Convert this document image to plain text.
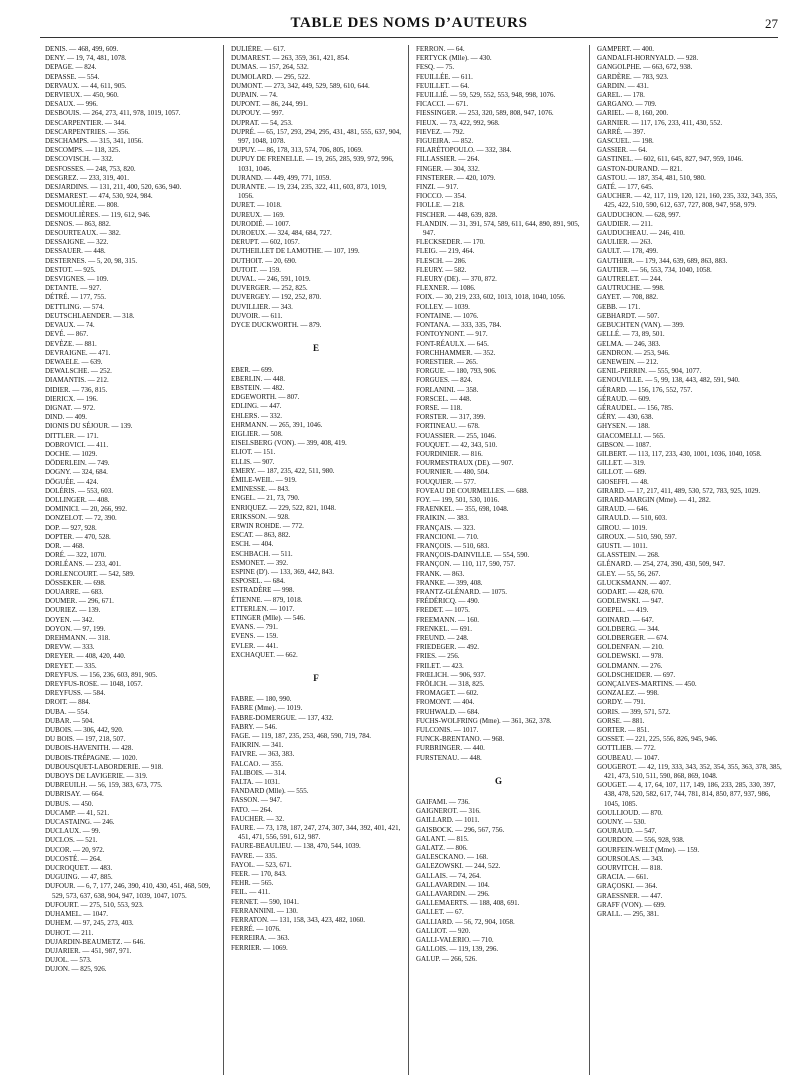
TABLE DES NOMS D’AUTEURS	27
DENIS. — 468, 499, 609.
DENY. — 19, 74, 481, 1078.
DEPAGE. — 824.
DEPASSE. — 554.
DERVAUX. — 44, 611, 905.
DERVIEUX. — 450, 960.
DESAUX. — 996.
DESBOUIS. — 264, 273, 411, 978, 1019, 1057.
DESCARPENTIER. — 344.
DESCARPENTRIES. — 356.
DESCHAMPS. — 315, 341, 1056.
DESCOMPS. — 118, 325.
DESCOVISCH. — 332.
DESFOSSES. — 248, 753, 820.
DESGREZ. — 233, 319, 401.
DESJARDINS. — 131, 211, 400, 520, 636, 940.
DESMAREST. — 474, 530, 924, 984.
DESMOULIÈRE. — 808.
DESMOULIÈRES. — 119, 612, 946.
DESNOS. — 863, 882.
DESOURTEAUX. — 382.
DESSAIGNE. — 322.
DESSAUER. — 448.
DESTERNES. — 5, 20, 98, 315.
DESTOT. — 925.
DESVIGNES. — 109.
DETANTE. — 927.
DÉTRÉ. — 177, 755.
DETTLING. — 574.
DEUTSCHLAENDER. — 318.
DEVAUX. — 74.
DEVÉ. — 867.
DEVÈZE. — 881.
DEVRAIGNE. — 471.
DEWAELE. — 639.
DEWALSCHE. — 252.
DIAMANTIS. — 212.
DIDIER. — 736, 815.
DIERICX. — 196.
DIGNAT. — 972.
DIND. — 409.
DIONIS DU SÉJOUR. — 139.
DITTLER. — 171.
DOBROVICI. — 411.
DOCHE. — 1029.
DÖDERLEIN. — 749.
DOGNY. — 324, 684.
DÖGUÉE. — 424.
DOLÉRIS. — 553, 603.
DOLLINGER. — 408.
DOMINICI. — 20, 266, 992.
DONZELOT. — 72, 390.
DOP. — 927, 928.
DOPTER. — 470, 528.
DOR. — 468.
DORÉ. — 322, 1070.
DORLÉANS. — 233, 401.
DORLENCOURT. — 542, 589.
DÖSSEKER. — 698.
DOUARRE. — 683.
DOUMER. — 296, 671.
DOURIEZ. — 139.
DOYEN. — 342.
DOYON. — 97, 199.
DREHMANN. — 318.
DREVW. — 333.
DREYER. — 408, 420, 440.
DREYET. — 335.
DREYFUS. — 156, 236, 603, 891, 905.
DREYFUS-ROSE. — 1048, 1057.
DREYFUSS. — 584.
DROIT. — 884.
DUBA. — 554.
DUBAR. — 504.
DUBOIS. — 306, 442, 920.
DU BOIS. — 197, 218, 507.
DUBOIS-HAVENITH. — 428.
DUBOIS-TRÉPAGNE. — 1020.
DUBOUSQUET-LABORDERIE. — 918.
DUBOYS DE LAVIGERIE. — 319.
DUBREUILH. — 56, 159, 383, 673, 775.
DUBRISAY. — 664.
DUBUS. — 450.
DUCAMP. — 41, 521.
DUCASTAING. — 246.
DUCLAUX. — 99.
DUCLOS. — 521.
DUCOR. — 20, 972.
DUCOSTÉ. — 264.
DUCROQUET. — 483.
DUGUING. — 47, 885.
DUFOUR. — 6, 7, 177, 246, 390, 410, 430, 451, 468, 509, 529, 573, 637, 638, 904, 947, 1039, 1047, 1075.
DUFOURT. — 275, 510, 553, 923.
DUHAMEL. — 1047.
DUHEM. — 97, 245, 273, 403.
DUHOT. — 211.
DUJARDIN-BEAUMETZ. — 646.
DUJARIER. — 451, 987, 971.
DUJOL. — 573.
DUJON. — 825, 926.
DULIÈRE. — 617.
DUMAREST. — 263, 359, 361, 421, 854.
DUMAS. — 157, 264, 532.
DUMOLARD. — 295, 522.
DUMONT. — 273, 342, 449, 529, 589, 610, 644.
DUPAIN. — 74.
DUPONT. — 86, 244, 991.
DUPOUY. — 997.
DUPRAT. — 54, 253.
DUPRÉ. — 65, 157, 293, 294, 295, 431, 481, 555, 637, 904, 997, 1048, 1078.
DUPUY. — 86, 178, 313, 574, 706, 805, 1069.
DUPUY DE FRENELLE. — 19, 265, 285, 939, 972, 996, 1031, 1046.
DURAND. — 449, 499, 771, 1059.
DURANTE. — 19, 234, 235, 322, 411, 603, 873, 1019, 1056.
DURET. — 1018.
DUREUX. — 169.
DURODIÉ. — 1007.
DUROEUX. — 324, 484, 684, 727.
DERUPT. — 602, 1057.
DUTHEILLET DE LAMOTHE. — 107, 199.
DUTHOIT. — 20, 690.
DUTOIT. — 159.
DUVAL. — 246, 591, 1019.
DUVERGER. — 252, 825.
DUVERGEY. — 192, 252, 870.
DUVILLIER. — 343.
DUVOIR. — 611.
DYCE DUCKWORTH. — 879.
E
EBER. — 699.
EBERLIN. — 448.
EBSTEIN. — 482.
EDGEWORTH. — 807.
EDLING. — 447.
EHLERS. — 332.
EHRMANN. — 265, 391, 1046.
EIGLIER. — 508.
EISELSBERG (VON). — 399, 408, 419.
ELIOT. — 151.
ELLIS. — 907.
EMERY. — 187, 235, 422, 511, 980.
ÉMILE-WEIL. — 919.
EMINESSE. — 843.
ENGEL. — 21, 73, 790.
ENRIQUEZ. — 229, 522, 821, 1048.
ERIKSSON. — 928.
ERWIN ROHDE. — 772.
ESCAT. — 863, 882.
ESCH. — 404.
ESCHBACH. — 511.
ESMONET. — 392.
ESPINE (D'). — 133, 369, 442, 843.
ESPOSEL. — 684.
ESTRADÈRE — 998.
ÉTIENNE. — 879, 1018.
ETTERLEN. — 1017.
ETINGER (Mlle). — 546.
EVANS. — 791.
EVENS. — 159.
EVLER. — 441.
EXCHAQUET. — 662.
F
FABRE. — 180, 990.
FABRE (Mme). — 1019.
FABRE-DOMERGUE. — 137, 432.
FABRY. — 546.
FAGE. — 119, 187, 235, 253, 468, 590, 719, 784.
FAIKRIN. — 341.
FAIVRE. — 363, 383.
FALCAO. — 355.
FALIBOIS. — 314.
FALTA. — 1031.
FANDARD (Mlle). — 555.
FASSON. — 947.
FATO. — 264.
FAUCHER. — 32.
FAURE. — 73, 178, 187, 247, 274, 307, 344, 392, 401, 421, 451, 471, 556, 591, 612, 987.
FAURE-BEAULIEU. — 138, 470, 544, 1039.
FAVRE. — 335.
FAYOL. — 523, 671.
FEER. — 170, 843.
FEHR. — 565.
FEIL. — 411.
FERNET. — 590, 1041.
FERRANNINI. — 130.
FERRATON. — 131, 158, 343, 423, 482, 1060.
FERRÉ. — 1076.
FERREIRA. — 363.
FERRIER. — 1069.
FERRON. — 64.
FERTYCK (Mlle). — 430.
FESQ. — 75.
FEUILLÉE. — 611.
FEUILLET. — 64.
FEUILLIÉ. — 59, 529, 552, 553, 948, 998, 1076.
FICACCI. — 671.
FIESSINGER. — 253, 320, 589, 808, 947, 1076.
FIEUX. — 73, 422, 992, 968.
FIEVEZ. — 792.
FIGUEIRA. — 852.
FILARÉTOPOULO. — 332, 384.
FILLASSIER. — 264.
FINGER. — 304, 332.
FINSTERER. — 420, 1079.
FINZI. — 917.
FIOCCO. — 354.
FIOLLE. — 218.
FISCHER. — 448, 639, 828.
FLANDIN. — 31, 391, 574, 589, 611, 644, 890, 891, 905, 947.
FLECKSEDER. — 170.
FLEIG. — 219, 464.
FLESCH. — 286.
FLEURY. — 582.
FLEURY (DE). — 370, 872.
FLEXNER. — 1086.
FOIX. — 30, 219, 233, 602, 1013, 1018, 1040, 1056.
FOLLEY. — 1039.
FONTAINE. — 1076.
FONTANA. — 333, 335, 784.
FONTOYNONT. — 917.
FONT-RÉAULX. — 645.
FORCHHAMMER. — 352.
FORESTIER. — 265.
FORGUE. — 180, 793, 906.
FORGUES. — 824.
FORLANINI. — 358.
FORSCEL. — 448.
FORSE. — 118.
FORSTER. — 317, 399.
FORTINEAU. — 678.
FOUASSIER. — 255, 1046.
FOUQUET. — 42, 343, 510.
FOURDINIER. — 816.
FOURMESTRAUX (DE). — 907.
FOURNIER. — 480, 504.
FOUQUIER. — 577.
FOVEAU DE COURMELLES. — 688.
FOY. — 199, 501, 530, 1016.
FRAENKEL. — 355, 698, 1048.
FRAIKIN. — 383.
FRANÇAIS. — 323.
FRANCIONI. — 710.
FRANÇOIS. — 510, 683.
FRANÇOIS-DAINVILLE. — 554, 590.
FRANÇON. — 110, 117, 590, 757.
FRANK. — 863.
FRANKE. — 399, 408.
FRANTZ-GLÉNARD. — 1075.
FRÉDÉRICQ. — 490.
FREDET. — 1075.
FREEMANN. — 160.
FRENKEL. — 691.
FREUND. — 248.
FRIEDEGER. — 492.
FRIES. — 256.
FRILET. — 423.
FRŒLICH. — 906, 937.
FRÖLICH. — 318, 825.
FROMAGET. — 602.
FROMONT. — 404.
FRUHWALD. — 684.
FUCHS-WOLFRING (Mme). — 361, 362, 378.
FULCONIS. — 1017.
FUNCK-BRENTANO. — 968.
FURBRINGER. — 440.
FURSTENAU. — 448.
G
GAIFAMI. — 736.
GAIGNEROT. — 316.
GAILLARD. — 1011.
GAISBOCK. — 296, 567, 756.
GALANT. — 815.
GALATZ. — 806.
GALESCKANO. — 168.
GALEZOWSKI. — 244, 522.
GALLAIS. — 74, 264.
GALLAVARDIN. — 104.
GALLAVARDIN. — 296.
GALLEMAERTS. — 188, 408, 691.
GALLET. — 67.
GALLIARD. — 56, 72, 904, 1058.
GALLIOT. — 920.
GALLI-VALERIO. — 710.
GALLOIS. — 119, 139, 296.
GALUP. — 266, 526.
GAMPERT. — 400.
GANDALFI-HORNYALD. — 928.
GANGOLPHE. — 663, 672, 938.
GARDÈRE. — 783, 923.
GARDIN. — 431.
GAREL. — 178.
GARGANO. — 709.
GARIEL. — 8, 160, 200.
GARNIER. — 117, 176, 233, 411, 430, 552.
GARRÉ. — 397.
GASCUEL. — 198.
GASSIER. — 64.
GASTINEL. — 602, 611, 645, 827, 947, 959, 1046.
GASTON-DURAND. — 821.
GASTOU. — 187, 354, 481, 510, 980.
GATÉ. — 177, 645.
GAUCHER. — 42, 117, 119, 120, 121, 160, 235, 332, 343, 355, 425, 422, 510, 590, 612, 637, 727, 808, 947, 958, 979.
GAUDUCHON. — 628, 997.
GAUDIER. — 211.
GAUDUCHEAU. — 246, 410.
GAULIER. — 263.
GAULT. — 178, 499.
GAUTHIER. — 179, 344, 639, 689, 863, 883.
GAUTIER. — 56, 553, 734, 1040, 1058.
GAUTRELET. — 244.
GAUTRUCHE. — 998.
GAYET. — 708, 882.
GEBB. — 171.
GEBHARDT. — 507.
GEBUCHTEN (VAN). — 399.
GELLÉ. — 73, 89, 501.
GELMA. — 246, 383.
GENDRON. — 253, 946.
GENEWEIN. — 212.
GENIL-PERRIN. — 555, 904, 1077.
GENOUVILLE. — 5, 99, 138, 443, 482, 591, 940.
GÉRARD. — 156, 176, 552, 757.
GÉRAUD. — 609.
GÉRAUDEL. — 156, 785.
GÉRY. — 430, 638.
GHYSEN. — 188.
GIACOMELLI. — 565.
GIBSON. — 1087.
GILBERT. — 113, 117, 233, 430, 1001, 1036, 1040, 1058.
GILLET. — 319.
GILLOT. — 689.
GIOSEFFI. — 48.
GIRARD. — 17, 217, 411, 489, 530, 572, 783, 925, 1029.
GIRARD-MARGIN (Mme). — 41, 282.
GIRAUD. — 646.
GIRAULD. — 510, 603.
GIROU. — 1019.
GIROUX. — 510, 590, 597.
GIUSTI. — 1011.
GLASSTEIN. — 268.
GLÉNARD. — 254, 274, 390, 430, 509, 947.
GLEY. — 55, 56, 267.
GLUCKSMANN. — 407.
GODART. — 428, 670.
GODLEWSKI. — 947.
GOEPEL. — 419.
GOINARD. — 647.
GOLDBERG. — 344.
GOLDBERGER. — 674.
GOLDENFAN. — 210.
GOLDEWSKI. — 978.
GOLDMANN. — 276.
GOLDSCHEIDER. — 697.
GONÇALVES-MARTINS. — 450.
GONZALEZ. — 998.
GORDY. — 791.
GORIS. — 399, 571, 572.
GORSE. — 881.
GORTER. — 851.
GOSSET. — 221, 225, 556, 826, 945, 946.
GOTTLIEB. — 772.
GOUBEAU. — 1047.
GOUGEROT. — 42, 119, 333, 343, 352, 354, 355, 363, 378, 385, 421, 473, 510, 511, 590, 868, 869, 1048.
GOUGET. — 4, 17, 64, 107, 117, 149, 186, 233, 285, 330, 397, 438, 478, 520, 582, 617, 744, 781, 814, 850, 877, 937, 986, 1045, 1085.
GOULLIOUD. — 870.
GOUNY. — 530.
GOURAUD. — 547.
GOURDON. — 556, 928, 938.
GOURFEIN-WELT (Mme). — 159.
GOURSOLAS. — 343.
GOURVITCH. — 818.
GRACIA. — 661.
GRAÇOSKI. — 364.
GRAESSNER. — 447.
GRAFF (VON). — 699.
GRALL. — 295, 381.
